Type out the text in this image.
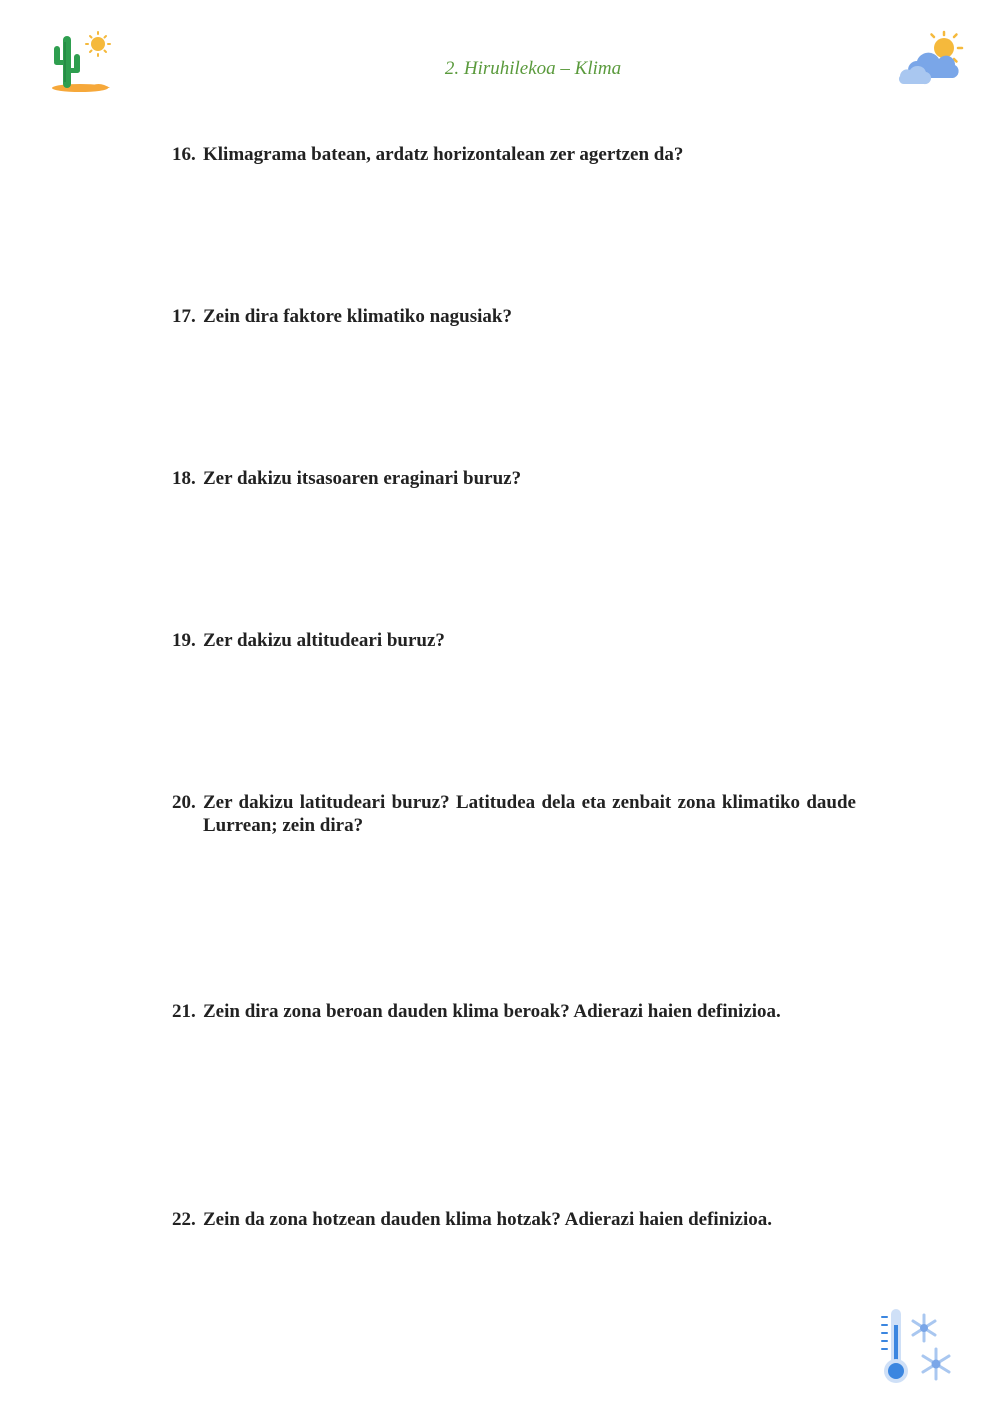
2. Hiruhilekoa – Klima
16. Klimagrama batean, ardatz horizontalean zer agertzen da?
17. Zein dira faktore klimatiko nagusiak?
18. Zer dakizu itsasoaren eraginari buruz?
19. Zer dakizu altitudeari buruz?
20. Zer dakizu latitudeari buruz? Latitudea dela eta zenbait zona klimatiko daude Lurrean; zein dira?
21. Zein dira zona beroan dauden klima beroak? Adierazi haien definizioa.
22. Zein da zona hotzean dauden klima hotzak? Adierazi haien definizioa.
